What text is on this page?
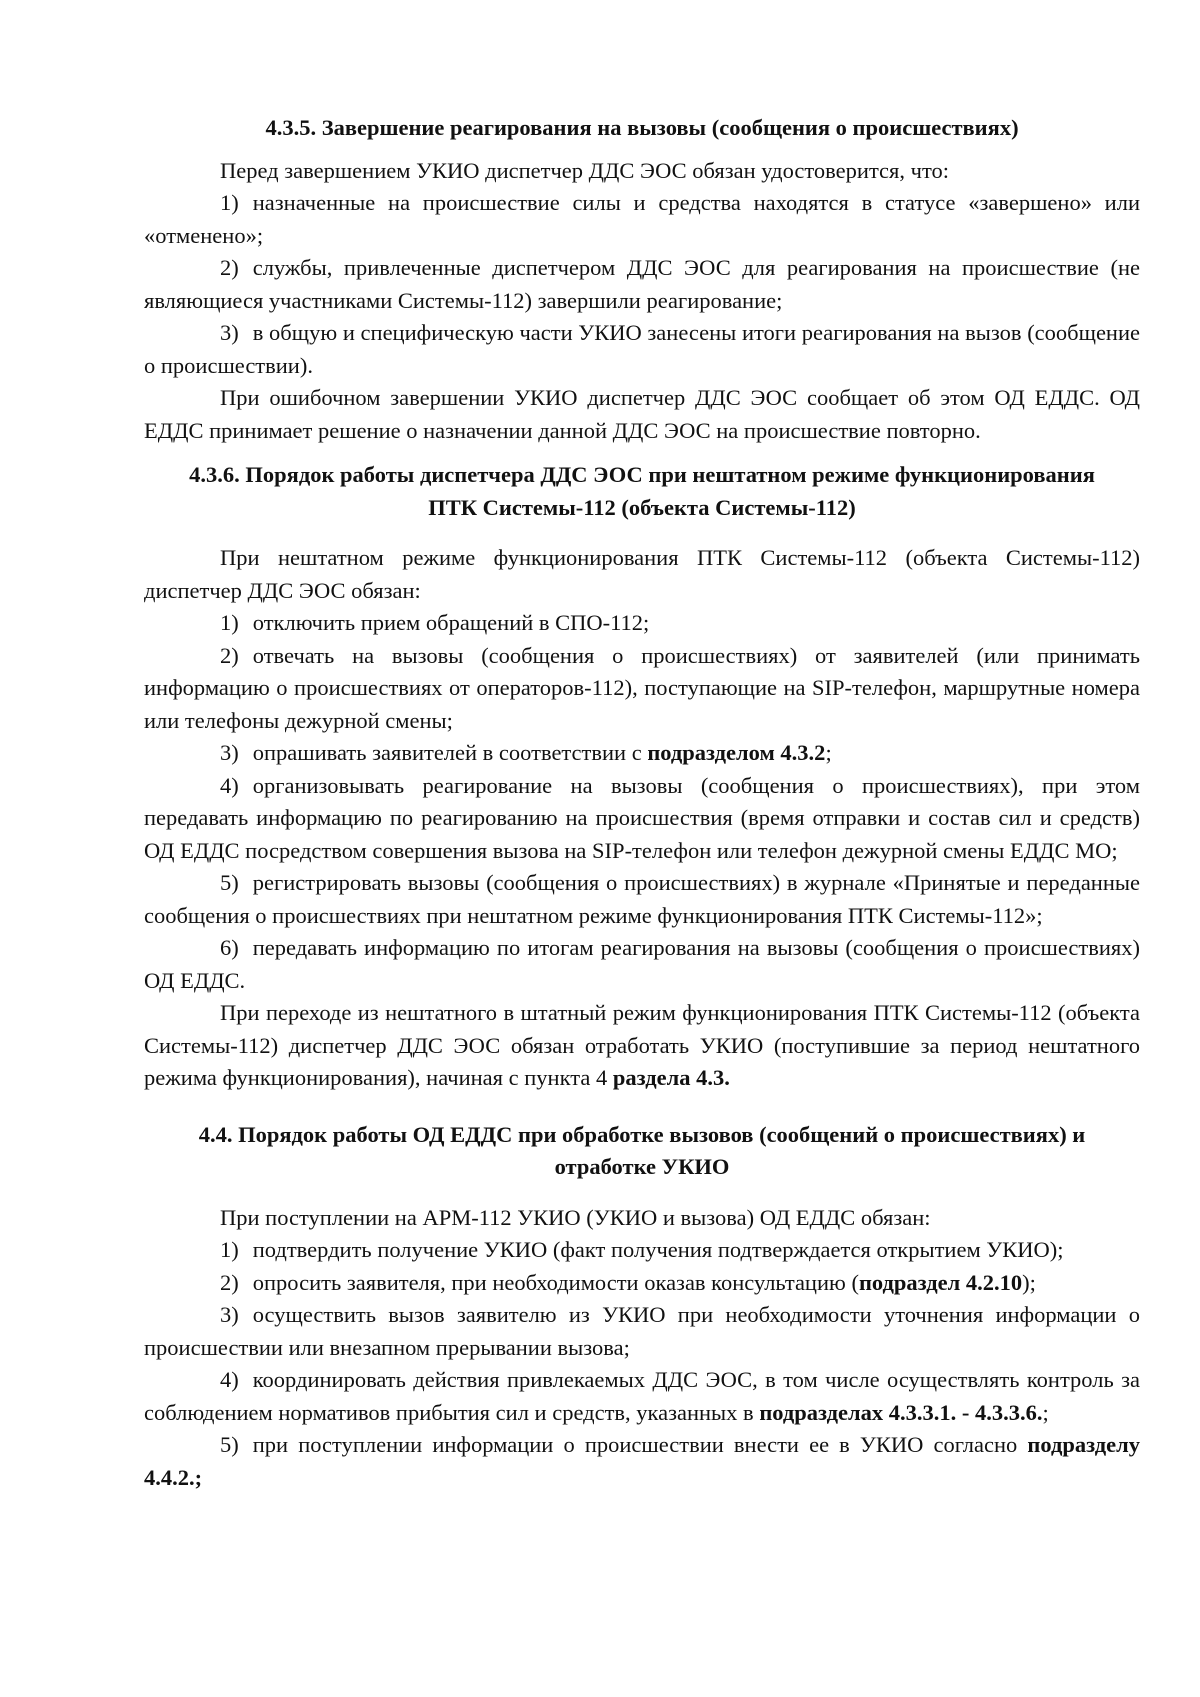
4.3.5. Завершение реагирования на вызовы (сообщения о происшествиях)

Перед завершением УКИО диспетчер ДДС ЭОС обязан удостоверится, что:

1) назначенные на происшествие силы и средства находятся в статусе «завершено» или «отменено»;

2) службы, привлеченные диспетчером ДДС ЭОС для реагирования на происшествие (не являющиеся участниками Системы-112) завершили реагирование;

3) в общую и специфическую части УКИО занесены итоги реагирования на вызов (сообщение о происшествии).

При ошибочном завершении УКИО диспетчер ДДС ЭОС сообщает об этом ОД ЕДДС. ОД ЕДДС принимает решение о назначении данной ДДС ЭОС на происшествие повторно.

4.3.6. Порядок работы диспетчера ДДС ЭОС при нештатном режиме функционирования
ПТК Системы-112 (объекта Системы-112)

При нештатном режиме функционирования ПТК Системы-112 (объекта Системы-112) диспетчер ДДС ЭОС обязан:

1) отключить прием обращений в СПО-112;

2) отвечать на вызовы (сообщения о происшествиях) от заявителей (или принимать информацию о происшествиях от операторов-112), поступающие на SIP-телефон, маршрутные номера или телефоны дежурной смены;

3) опрашивать заявителей в соответствии с подразделом 4.3.2;

4) организовывать реагирование на вызовы (сообщения о происшествиях), при этом передавать информацию по реагированию на происшествия (время отправки и состав сил и средств) ОД ЕДДС посредством совершения вызова на SIP-телефон или телефон дежурной смены ЕДДС МО;

5) регистрировать вызовы (сообщения о происшествиях) в журнале «Принятые и переданные сообщения о происшествиях при нештатном режиме функционирования ПТК Системы-112»;

6) передавать информацию по итогам реагирования на вызовы (сообщения о происшествиях) ОД ЕДДС.

При переходе из нештатного в штатный режим функционирования ПТК Системы-112 (объекта Системы-112) диспетчер ДДС ЭОС обязан отработать УКИО (поступившие за период нештатного режима функционирования), начиная с пункта 4 раздела 4.3.

4.4. Порядок работы ОД ЕДДС при обработке вызовов (сообщений о происшествиях) и
отработке УКИО

При поступлении на АРМ-112 УКИО (УКИО и вызова) ОД ЕДДС обязан:

1) подтвердить получение УКИО (факт получения подтверждается открытием УКИО);

2) опросить заявителя, при необходимости оказав консультацию (подраздел 4.2.10);

3) осуществить вызов заявителю из УКИО при необходимости уточнения информации о происшествии или внезапном прерывании вызова;

4) координировать действия привлекаемых ДДС ЭОС, в том числе осуществлять контроль за соблюдением нормативов прибытия сил и средств, указанных в подразделах 4.3.3.1. - 4.3.3.6.;

5) при поступлении информации о происшествии внести ее в УКИО согласно подразделу 4.4.2.;
